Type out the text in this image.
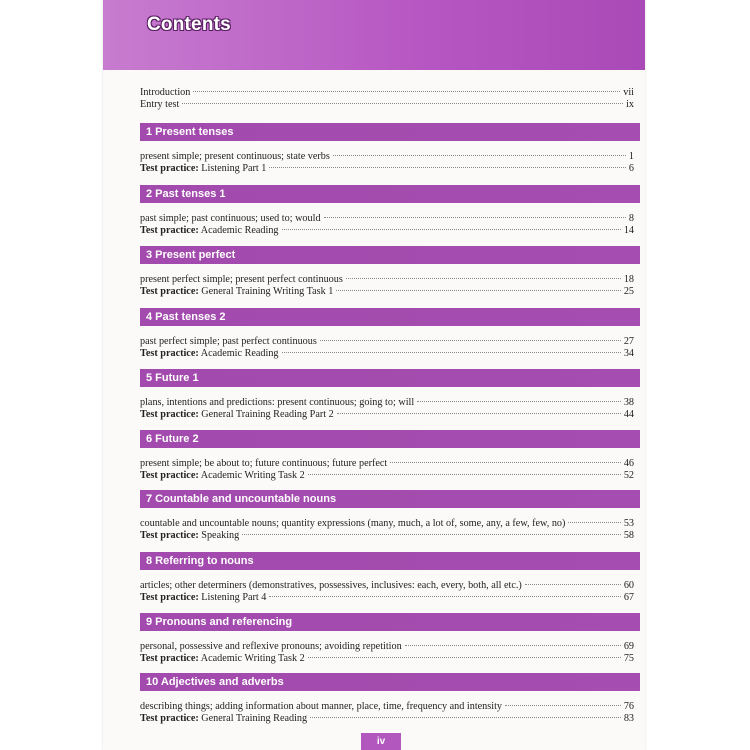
Contents
Introduction	vii
Entry test	ix
1 Present tenses
present simple; present continuous; state verbs	1
Test practice: Listening Part 1	6
2 Past tenses 1
past simple; past continuous; used to; would	8
Test practice: Academic Reading	14
3 Present perfect
present perfect simple; present perfect continuous	18
Test practice: General Training Writing Task 1	25
4 Past tenses 2
past perfect simple; past perfect continuous	27
Test practice: Academic Reading	34
5 Future 1
plans, intentions and predictions: present continuous; going to; will	38
Test practice: General Training Reading Part 2	44
6 Future 2
present simple; be about to; future continuous; future perfect	46
Test practice: Academic Writing Task 2	52
7 Countable and uncountable nouns
countable and uncountable nouns; quantity expressions (many, much, a lot of, some, any, a few, few, no)	53
Test practice: Speaking	58
8 Referring to nouns
articles; other determiners (demonstratives, possessives, inclusives: each, every, both, all etc.)	60
Test practice: Listening Part 4	67
9 Pronouns and referencing
personal, possessive and reflexive pronouns; avoiding repetition	69
Test practice: Academic Writing Task 2	75
10 Adjectives and adverbs
describing things; adding information about manner, place, time, frequency and intensity	76
Test practice: General Training Reading	83
iv
